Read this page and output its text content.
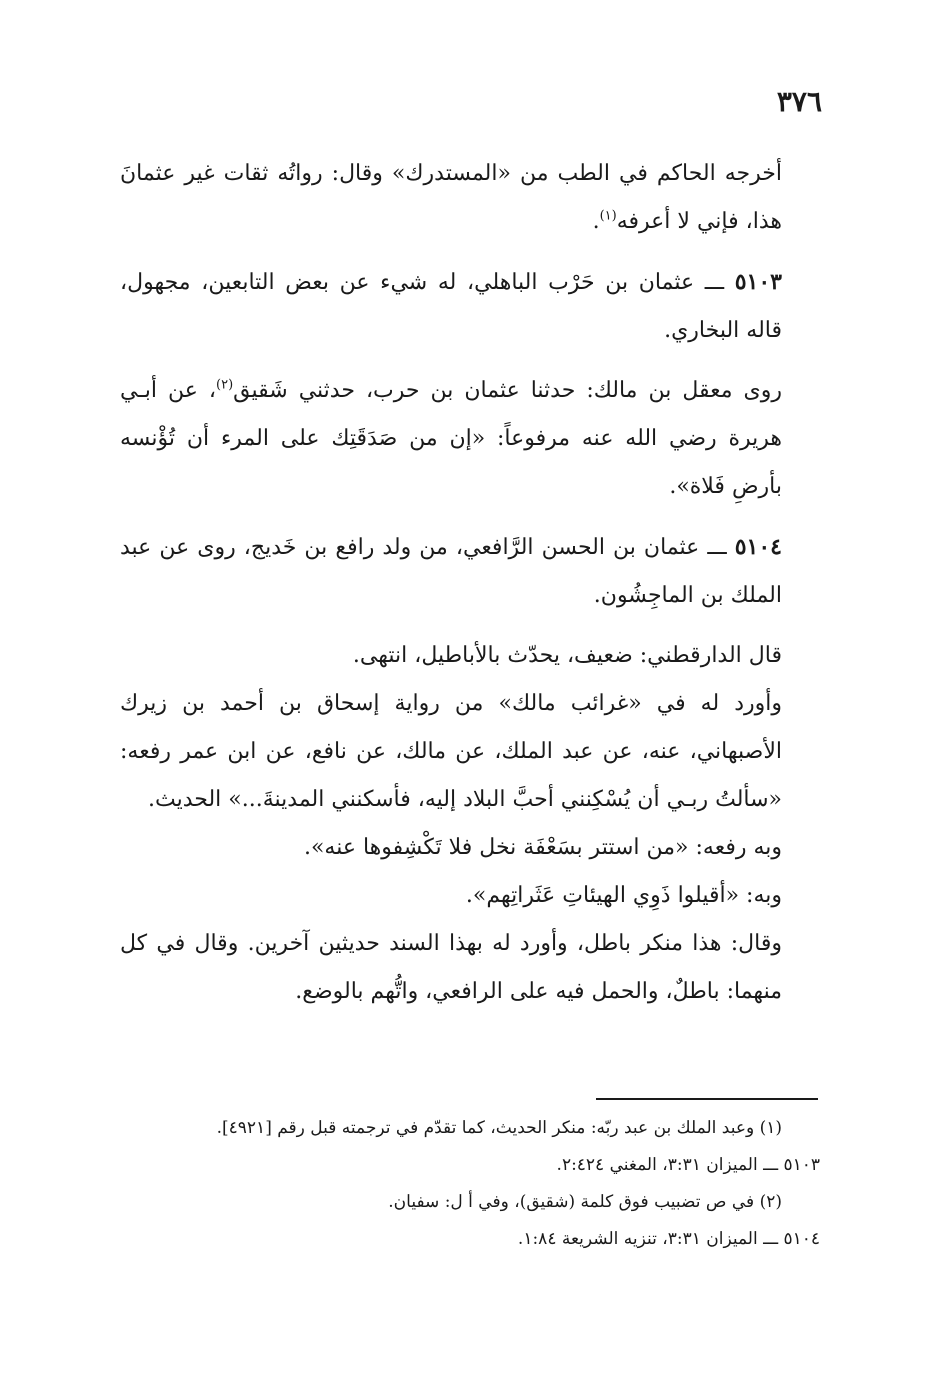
٣٧٦

أخرجه الحاكم في الطب من «المستدرك» وقال: رواتُه ثقات غير عثمانَ هذا، فإني لا أعرفه$^{(١)}$.

٥١٠٣ ـــ عثمان بن حَرْب الباهلي، له شيء عن بعض التابعين، مجهول، قاله البخاري.

روى معقل بن مالك: حدثنا عثمان بن حرب، حدثني شَقيق$^{(٢)}$، عن أبـي هريرة رضي الله عنه مرفوعاً: «إن من صَدَقَتِك على المرء أن تُؤْنسه بأرضِ فَلاة».

٥١٠٤ ـــ عثمان بن الحسن الرَّافعي، من ولد رافع بن خَديج، روى عن عبد الملك بن الماجِشُون.

قال الدارقطني: ضعيف، يحدّث بالأباطيل، انتهى.

وأورد له في «غرائب مالك» من رواية إسحاق بن أحمد بن زيرك الأصبهاني، عنه، عن عبد الملك، عن مالك، عن نافع، عن ابن عمر رفعه: «سألتُ ربـي أن يُسْكِنني أحبَّ البلاد إليه، فأسكنني المدينةَ...» الحديث.

وبه رفعه: «من استتر بسَعْفَة نخل فلا تَكْشِفوها عنه».

وبه: «أقيلوا ذَوِي الهيئاتِ عَثَراتِهم».

وقال: هذا منكر باطل، وأورد له بهذا السند حديثين آخرين. وقال في كل منهما: باطلٌ، والحمل فيه على الرافعي، واتُّهم بالوضع.

(١) وعبد الملك بن عبد ربّه: منكر الحديث، كما تقدّم في ترجمته قبل رقم [٤٩٢١].

٥١٠٣ ـــ الميزان ٣:٣١، المغني ٢:٤٢٤.

(٢) في ص تضبيب فوق كلمة (شقيق)، وفي أ ل: سفيان.

٥١٠٤ ـــ الميزان ٣:٣١، تنزيه الشريعة ١:٨٤.
